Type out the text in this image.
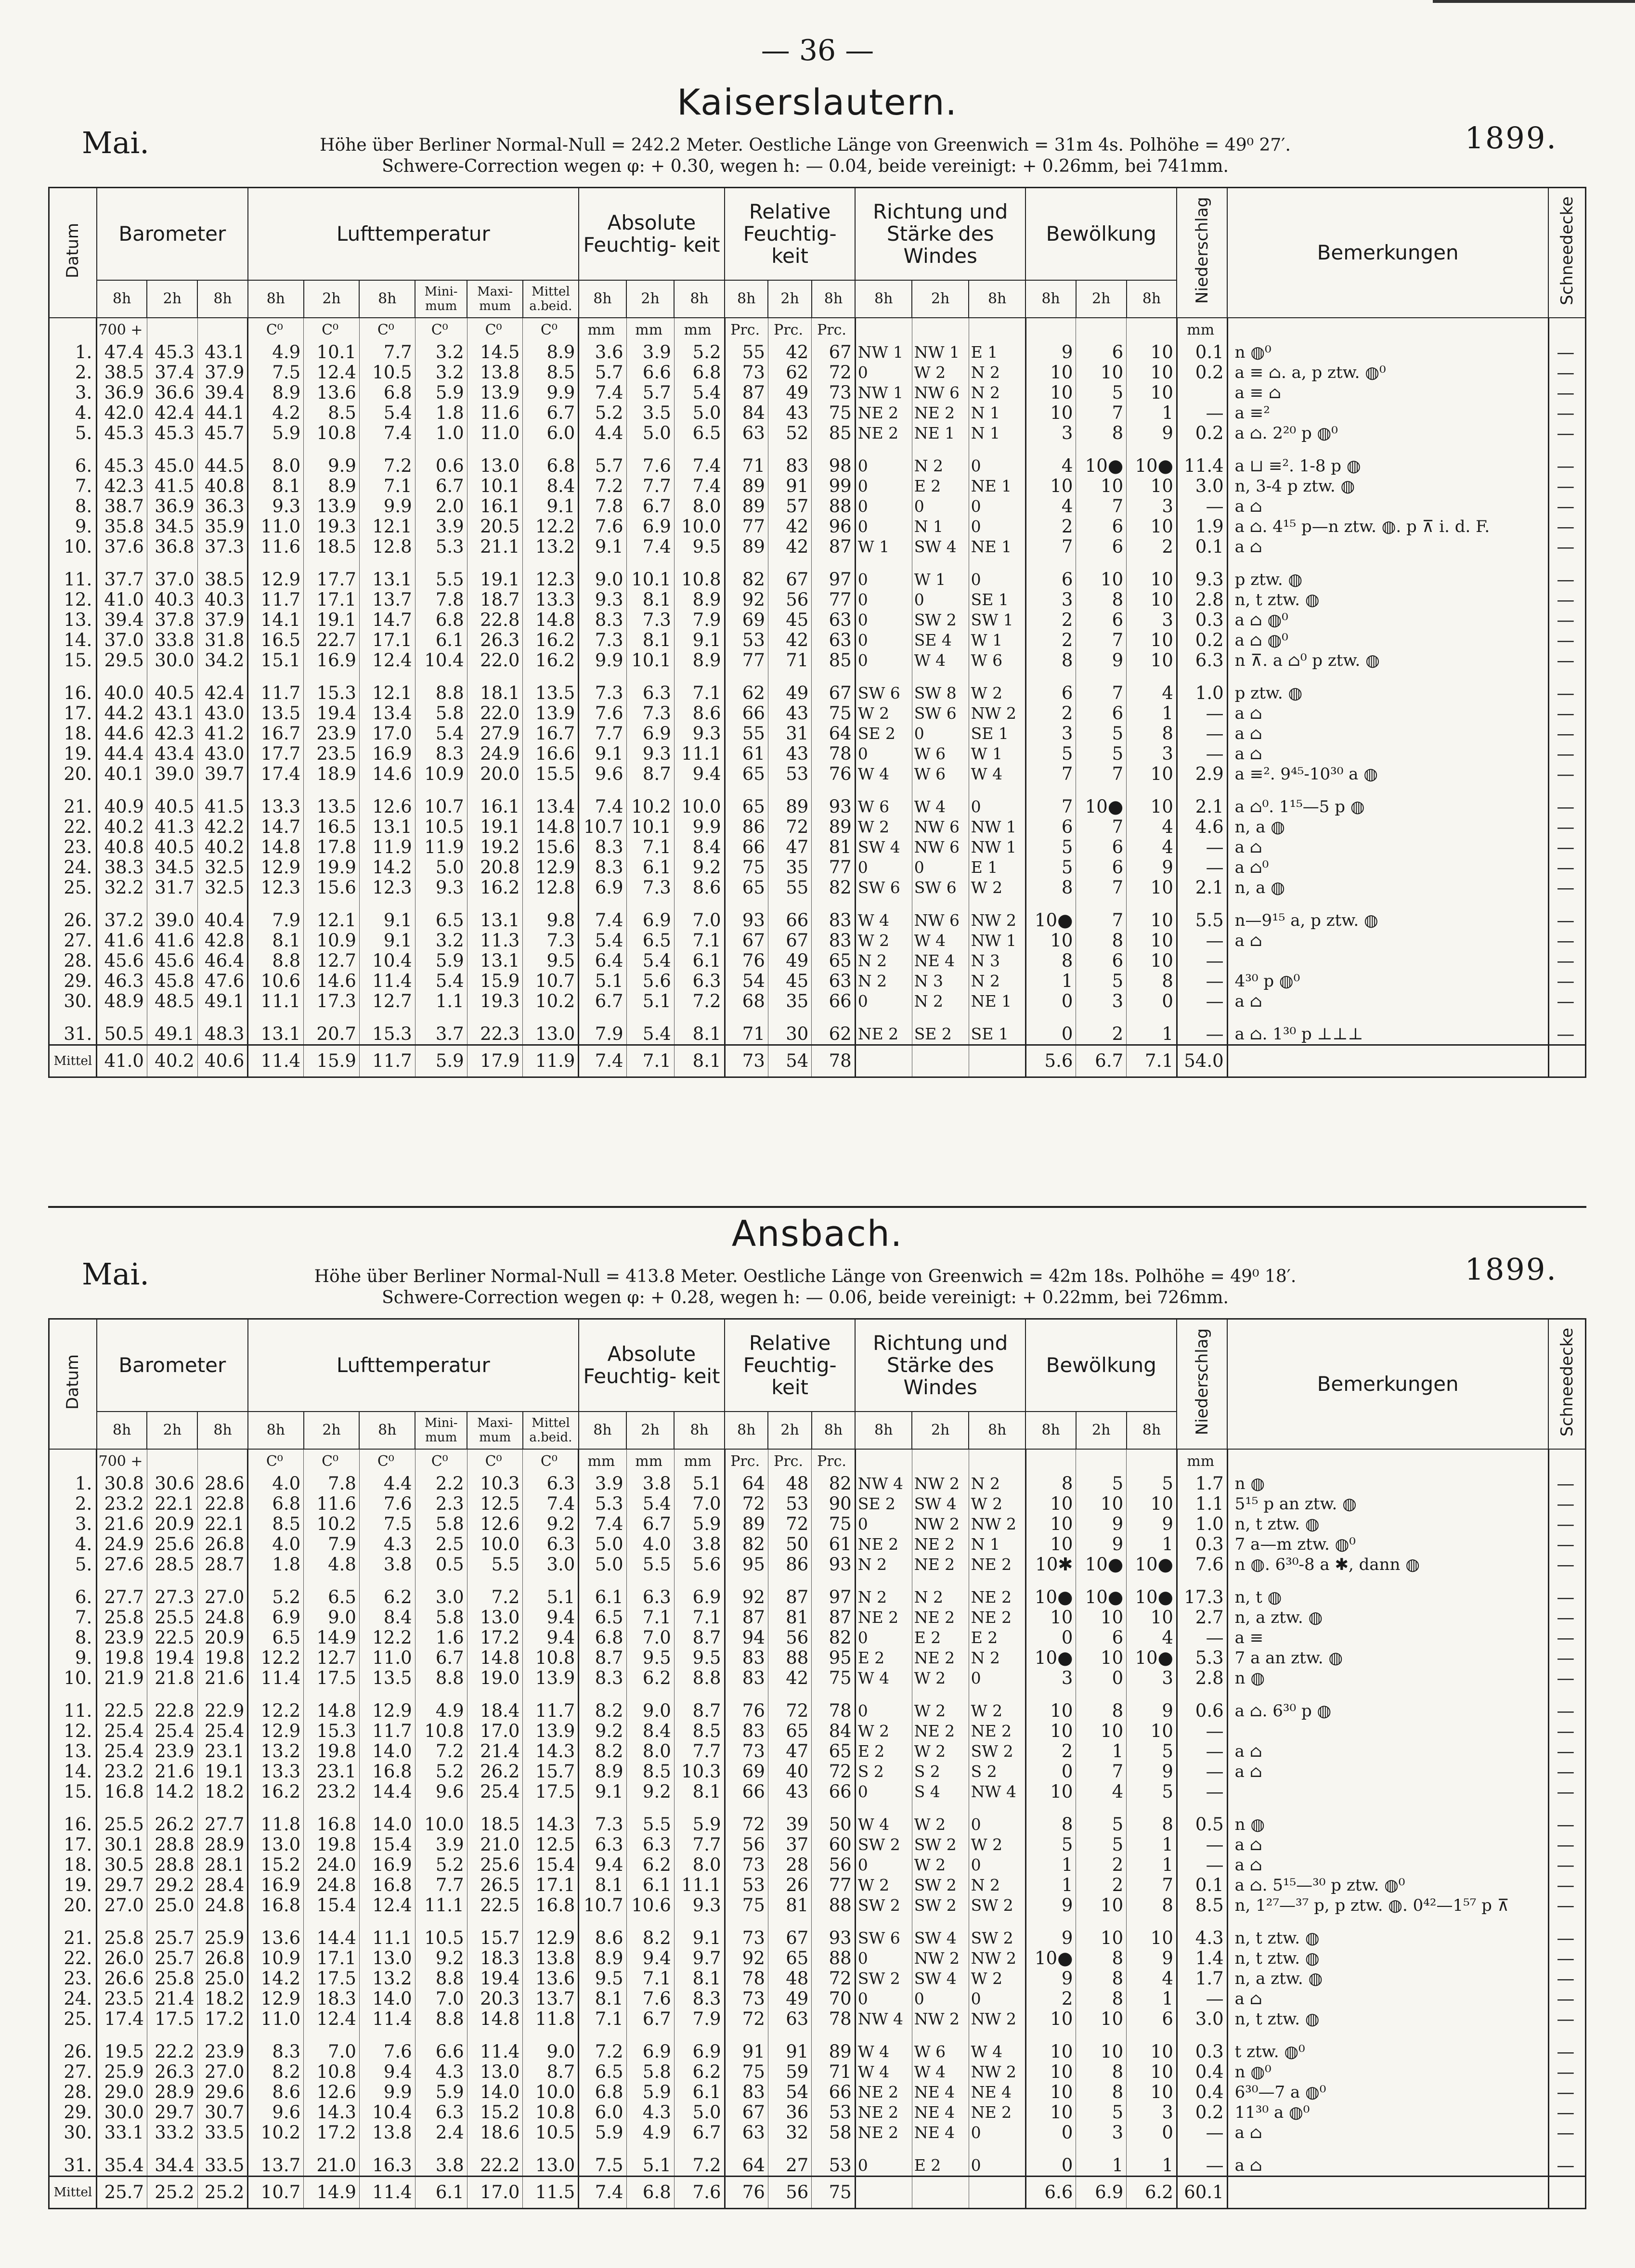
— 36 —
Kaiserslautern.
Mai.	1899.
Höhe über Berliner Normal-Null = 242.2 Meter. Oestliche Länge von Greenwich = 31m 4s. Polhöhe = 49⁰ 27′.
Schwere-Correction wegen φ: + 0.30, wegen h: — 0.04, beide vereinigt: + 0.26mm, bei 741mm.
Datum	Barometer			Lufttemperatur						Absolute Feuchtig- keit			Relative Feuchtig- keit			Richtung und Stärke des Windes			Bewölkung			Niederschlag	Bemerkungen	Schneedecke
	8h	2h	8h	8h	2h	8h	Mini- mum	Maxi- mum	Mittel a.beid.	8h	2h	8h	8h	2h	8h	8h	2h	8h	8h	2h	8h			
	700 +			C⁰	C⁰	C⁰	C⁰	C⁰	C⁰	mm	mm	mm	Prc.	Prc.	Prc.							mm		
1.	47.4	45.3	43.1	4.9	10.1	7.7	3.2	14.5	8.9	3.6	3.9	5.2	55	42	67	NW 1	NW 1	E 1	9	6	10	0.1	n ◍⁰	—
2.	38.5	37.4	37.9	7.5	12.4	10.5	3.2	13.8	8.5	5.7	6.6	6.8	73	62	72	0	W 2	N 2	10	10	10	0.2	a ≡ ⌂. a, p ztw. ◍⁰	—
3.	36.9	36.6	39.4	8.9	13.6	6.8	5.9	13.9	9.9	7.4	5.7	5.4	87	49	73	NW 1	NW 6	N 2	10	5	10		a ≡ ⌂	—
4.	42.0	42.4	44.1	4.2	8.5	5.4	1.8	11.6	6.7	5.2	3.5	5.0	84	43	75	NE 2	NE 2	N 1	10	7	1	—	a ≡²	—
5.	45.3	45.3	45.7	5.9	10.8	7.4	1.0	11.0	6.0	4.4	5.0	6.5	63	52	85	NE 2	NE 1	N 1	3	8	9	0.2	a ⌂. 2²⁰ p ◍⁰	—

6.	45.3	45.0	44.5	8.0	9.9	7.2	0.6	13.0	6.8	5.7	7.6	7.4	71	83	98	0	N 2	0	4	10●	10●	11.4	a ⊔ ≡². 1-8 p ◍	—
7.	42.3	41.5	40.8	8.1	8.9	7.1	6.7	10.1	8.4	7.2	7.7	7.4	89	91	99	0	E 2	NE 1	10	10	10	3.0	n, 3-4 p ztw. ◍	—
8.	38.7	36.9	36.3	9.3	13.9	9.9	2.0	16.1	9.1	7.8	6.7	8.0	89	57	88	0	0	0	4	7	3	—	a ⌂	—
9.	35.8	34.5	35.9	11.0	19.3	12.1	3.9	20.5	12.2	7.6	6.9	10.0	77	42	96	0	N 1	0	2	6	10	1.9	a ⌂. 4¹⁵ p—n ztw. ◍. p ⊼ i. d. F.	—
10.	37.6	36.8	37.3	11.6	18.5	12.8	5.3	21.1	13.2	9.1	7.4	9.5	89	42	87	W 1	SW 4	NE 1	7	6	2	0.1	a ⌂	—

11.	37.7	37.0	38.5	12.9	17.7	13.1	5.5	19.1	12.3	9.0	10.1	10.8	82	67	97	0	W 1	0	6	10	10	9.3	p ztw. ◍	—
12.	41.0	40.3	40.3	11.7	17.1	13.7	7.8	18.7	13.3	9.3	8.1	8.9	92	56	77	0	0	SE 1	3	8	10	2.8	n, t ztw. ◍	—
13.	39.4	37.8	37.9	14.1	19.1	14.7	6.8	22.8	14.8	8.3	7.3	7.9	69	45	63	0	SW 2	SW 1	2	6	3	0.3	a ⌂ ◍⁰	—
14.	37.0	33.8	31.8	16.5	22.7	17.1	6.1	26.3	16.2	7.3	8.1	9.1	53	42	63	0	SE 4	W 1	2	7	10	0.2	a ⌂ ◍⁰	—
15.	29.5	30.0	34.2	15.1	16.9	12.4	10.4	22.0	16.2	9.9	10.1	8.9	77	71	85	0	W 4	W 6	8	9	10	6.3	n ⊼. a ⌂⁰ p ztw. ◍	—

16.	40.0	40.5	42.4	11.7	15.3	12.1	8.8	18.1	13.5	7.3	6.3	7.1	62	49	67	SW 6	SW 8	W 2	6	7	4	1.0	p ztw. ◍	—
17.	44.2	43.1	43.0	13.5	19.4	13.4	5.8	22.0	13.9	7.6	7.3	8.6	66	43	75	W 2	SW 6	NW 2	2	6	1	—	a ⌂	—
18.	44.6	42.3	41.2	16.7	23.9	17.0	5.4	27.9	16.7	7.7	6.9	9.3	55	31	64	SE 2	0	SE 1	3	5	8	—	a ⌂	—
19.	44.4	43.4	43.0	17.7	23.5	16.9	8.3	24.9	16.6	9.1	9.3	11.1	61	43	78	0	W 6	W 1	5	5	3	—	a ⌂	—
20.	40.1	39.0	39.7	17.4	18.9	14.6	10.9	20.0	15.5	9.6	8.7	9.4	65	53	76	W 4	W 6	W 4	7	7	10	2.9	a ≡². 9⁴⁵-10³⁰ a ◍	—

21.	40.9	40.5	41.5	13.3	13.5	12.6	10.7	16.1	13.4	7.4	10.2	10.0	65	89	93	W 6	W 4	0	7	10●	10	2.1	a ⌂⁰. 1¹⁵—5 p ◍	—
22.	40.2	41.3	42.2	14.7	16.5	13.1	10.5	19.1	14.8	10.7	10.1	9.9	86	72	89	W 2	NW 6	NW 1	6	7	4	4.6	n, a ◍	—
23.	40.8	40.5	40.2	14.8	17.8	11.9	11.9	19.2	15.6	8.3	7.1	8.4	66	47	81	SW 4	NW 6	NW 1	5	6	4	—	a ⌂	—
24.	38.3	34.5	32.5	12.9	19.9	14.2	5.0	20.8	12.9	8.3	6.1	9.2	75	35	77	0	0	E 1	5	6	9	—	a ⌂⁰	—
25.	32.2	31.7	32.5	12.3	15.6	12.3	9.3	16.2	12.8	6.9	7.3	8.6	65	55	82	SW 6	SW 6	W 2	8	7	10	2.1	n, a ◍	—

26.	37.2	39.0	40.4	7.9	12.1	9.1	6.5	13.1	9.8	7.4	6.9	7.0	93	66	83	W 4	NW 6	NW 2	10●	7	10	5.5	n—9¹⁵ a, p ztw. ◍	—
27.	41.6	41.6	42.8	8.1	10.9	9.1	3.2	11.3	7.3	5.4	6.5	7.1	67	67	83	W 2	W 4	NW 1	10	8	10	—	a ⌂	—
28.	45.6	45.6	46.4	8.8	12.7	10.4	5.9	13.1	9.5	6.4	5.4	6.1	76	49	65	N 2	NE 4	N 3	8	6	10	—		—
29.	46.3	45.8	47.6	10.6	14.6	11.4	5.4	15.9	10.7	5.1	5.6	6.3	54	45	63	N 2	N 3	N 2	1	5	8	—	4³⁰ p ◍⁰	—
30.	48.9	48.5	49.1	11.1	17.3	12.7	1.1	19.3	10.2	6.7	5.1	7.2	68	35	66	0	N 2	NE 1	0	3	0	—	a ⌂	—

31.	50.5	49.1	48.3	13.1	20.7	15.3	3.7	22.3	13.0	7.9	5.4	8.1	71	30	62	NE 2	SE 2	SE 1	0	2	1	—	a ⌂. 1³⁰ p ⊥⊥⊥	—
Mittel	41.0	40.2	40.6	11.4	15.9	11.7	5.9	17.9	11.9	7.4	7.1	8.1	73	54	78				5.6	6.7	7.1	54.0		
Ansbach.
Mai.	1899.
Höhe über Berliner Normal-Null = 413.8 Meter. Oestliche Länge von Greenwich = 42m 18s. Polhöhe = 49⁰ 18′.
Schwere-Correction wegen φ: + 0.28, wegen h: — 0.06, beide vereinigt: + 0.22mm, bei 726mm.
Datum	Barometer			Lufttemperatur						Absolute Feuchtig- keit			Relative Feuchtig- keit			Richtung und Stärke des Windes			Bewölkung			Niederschlag	Bemerkungen	Schneedecke
	8h	2h	8h	8h	2h	8h	Mini- mum	Maxi- mum	Mittel a.beid.	8h	2h	8h	8h	2h	8h	8h	2h	8h	8h	2h	8h			
	700 +			C⁰	C⁰	C⁰	C⁰	C⁰	C⁰	mm	mm	mm	Prc.	Prc.	Prc.							mm		
1.	30.8	30.6	28.6	4.0	7.8	4.4	2.2	10.3	6.3	3.9	3.8	5.1	64	48	82	NW 4	NW 2	N 2	8	5	5	1.7	n ◍	—
2.	23.2	22.1	22.8	6.8	11.6	7.6	2.3	12.5	7.4	5.3	5.4	7.0	72	53	90	SE 2	SW 4	W 2	10	10	10	1.1	5¹⁵ p an ztw. ◍	—
3.	21.6	20.9	22.1	8.5	10.2	7.5	5.8	12.6	9.2	7.4	6.7	5.9	89	72	75	0	NW 2	NW 2	10	9	9	1.0	n, t ztw. ◍	—
4.	24.9	25.6	26.8	4.0	7.9	4.3	2.5	10.0	6.3	5.0	4.0	3.8	82	50	61	NE 2	NE 2	N 1	10	9	1	0.3	7 a—m ztw. ◍⁰	—
5.	27.6	28.5	28.7	1.8	4.8	3.8	0.5	5.5	3.0	5.0	5.5	5.6	95	86	93	N 2	NE 2	NE 2	10✱	10●	10●	7.6	n ◍. 6³⁰-8 a ✱, dann ◍	—

6.	27.7	27.3	27.0	5.2	6.5	6.2	3.0	7.2	5.1	6.1	6.3	6.9	92	87	97	N 2	N 2	NE 2	10●	10●	10●	17.3	n, t ◍	—
7.	25.8	25.5	24.8	6.9	9.0	8.4	5.8	13.0	9.4	6.5	7.1	7.1	87	81	87	NE 2	NE 2	NE 2	10	10	10	2.7	n, a ztw. ◍	—
8.	23.9	22.5	20.9	6.5	14.9	12.2	1.6	17.2	9.4	6.8	7.0	8.7	94	56	82	0	E 2	E 2	0	6	4	—	a ≡	—
9.	19.8	19.4	19.8	12.2	12.7	11.0	6.7	14.8	10.8	8.7	9.5	9.5	83	88	95	E 2	NE 2	N 2	10●	10	10●	5.3	7 a an ztw. ◍	—
10.	21.9	21.8	21.6	11.4	17.5	13.5	8.8	19.0	13.9	8.3	6.2	8.8	83	42	75	W 4	W 2	0	3	0	3	2.8	n ◍	—

11.	22.5	22.8	22.9	12.2	14.8	12.9	4.9	18.4	11.7	8.2	9.0	8.7	76	72	78	0	W 2	W 2	10	8	9	0.6	a ⌂. 6³⁰ p ◍	—
12.	25.4	25.4	25.4	12.9	15.3	11.7	10.8	17.0	13.9	9.2	8.4	8.5	83	65	84	W 2	NE 2	NE 2	10	10	10	—		—
13.	25.4	23.9	23.1	13.2	19.8	14.0	7.2	21.4	14.3	8.2	8.0	7.7	73	47	65	E 2	W 2	SW 2	2	1	5	—	a ⌂	—
14.	23.2	21.6	19.1	13.3	23.1	16.8	5.2	26.2	15.7	8.9	8.5	10.3	69	40	72	S 2	S 2	S 2	0	7	9	—	a ⌂	—
15.	16.8	14.2	18.2	16.2	23.2	14.4	9.6	25.4	17.5	9.1	9.2	8.1	66	43	66	0	S 4	NW 4	10	4	5	—		—

16.	25.5	26.2	27.7	11.8	16.8	14.0	10.0	18.5	14.3	7.3	5.5	5.9	72	39	50	W 4	W 2	0	8	5	8	0.5	n ◍	—
17.	30.1	28.8	28.9	13.0	19.8	15.4	3.9	21.0	12.5	6.3	6.3	7.7	56	37	60	SW 2	SW 2	W 2	5	5	1	—	a ⌂	—
18.	30.5	28.8	28.1	15.2	24.0	16.9	5.2	25.6	15.4	9.4	6.2	8.0	73	28	56	0	W 2	0	1	2	1	—	a ⌂	—
19.	29.7	29.2	28.4	16.9	24.8	16.8	7.7	26.5	17.1	8.1	6.1	11.1	53	26	77	W 2	SW 2	N 2	1	2	7	0.1	a ⌂. 5¹⁵—³⁰ p ztw. ◍⁰	—
20.	27.0	25.0	24.8	16.8	15.4	12.4	11.1	22.5	16.8	10.7	10.6	9.3	75	81	88	SW 2	SW 2	SW 2	9	10	8	8.5	n, 1²⁷—³⁷ p, p ztw. ◍. 0⁴²—1⁵⁷ p ⊼	—

21.	25.8	25.7	25.9	13.6	14.4	11.1	10.5	15.7	12.9	8.6	8.2	9.1	73	67	93	SW 6	SW 4	SW 2	9	10	10	4.3	n, t ztw. ◍	—
22.	26.0	25.7	26.8	10.9	17.1	13.0	9.2	18.3	13.8	8.9	9.4	9.7	92	65	88	0	NW 2	NW 2	10●	8	9	1.4	n, t ztw. ◍	—
23.	26.6	25.8	25.0	14.2	17.5	13.2	8.8	19.4	13.6	9.5	7.1	8.1	78	48	72	SW 2	SW 4	W 2	9	8	4	1.7	n, a ztw. ◍	—
24.	23.5	21.4	18.2	12.9	18.3	14.0	7.0	20.3	13.7	8.1	7.6	8.3	73	49	70	0	0	0	2	8	1	—	a ⌂	—
25.	17.4	17.5	17.2	11.0	12.4	11.4	8.8	14.8	11.8	7.1	6.7	7.9	72	63	78	NW 4	NW 2	NW 2	10	10	6	3.0	n, t ztw. ◍	—

26.	19.5	22.2	23.9	8.3	7.0	7.6	6.6	11.4	9.0	7.2	6.9	6.9	91	91	89	W 4	W 6	W 4	10	10	10	0.3	t ztw. ◍⁰	—
27.	25.9	26.3	27.0	8.2	10.8	9.4	4.3	13.0	8.7	6.5	5.8	6.2	75	59	71	W 4	W 4	NW 2	10	8	10	0.4	n ◍⁰	—
28.	29.0	28.9	29.6	8.6	12.6	9.9	5.9	14.0	10.0	6.8	5.9	6.1	83	54	66	NE 2	NE 4	NE 4	10	8	10	0.4	6³⁰—7 a ◍⁰	—
29.	30.0	29.7	30.7	9.6	14.3	10.4	6.3	15.2	10.8	6.0	4.3	5.0	67	36	53	NE 2	NE 4	NE 2	10	5	3	0.2	11³⁰ a ◍⁰	—
30.	33.1	33.2	33.5	10.2	17.2	13.8	2.4	18.6	10.5	5.9	4.9	6.7	63	32	58	NE 2	NE 4	0	0	3	0	—	a ⌂	—

31.	35.4	34.4	33.5	13.7	21.0	16.3	3.8	22.2	13.0	7.5	5.1	7.2	64	27	53	0	E 2	0	0	1	1	—	a ⌂	—
Mittel	25.7	25.2	25.2	10.7	14.9	11.4	6.1	17.0	11.5	7.4	6.8	7.6	76	56	75				6.6	6.9	6.2	60.1		
